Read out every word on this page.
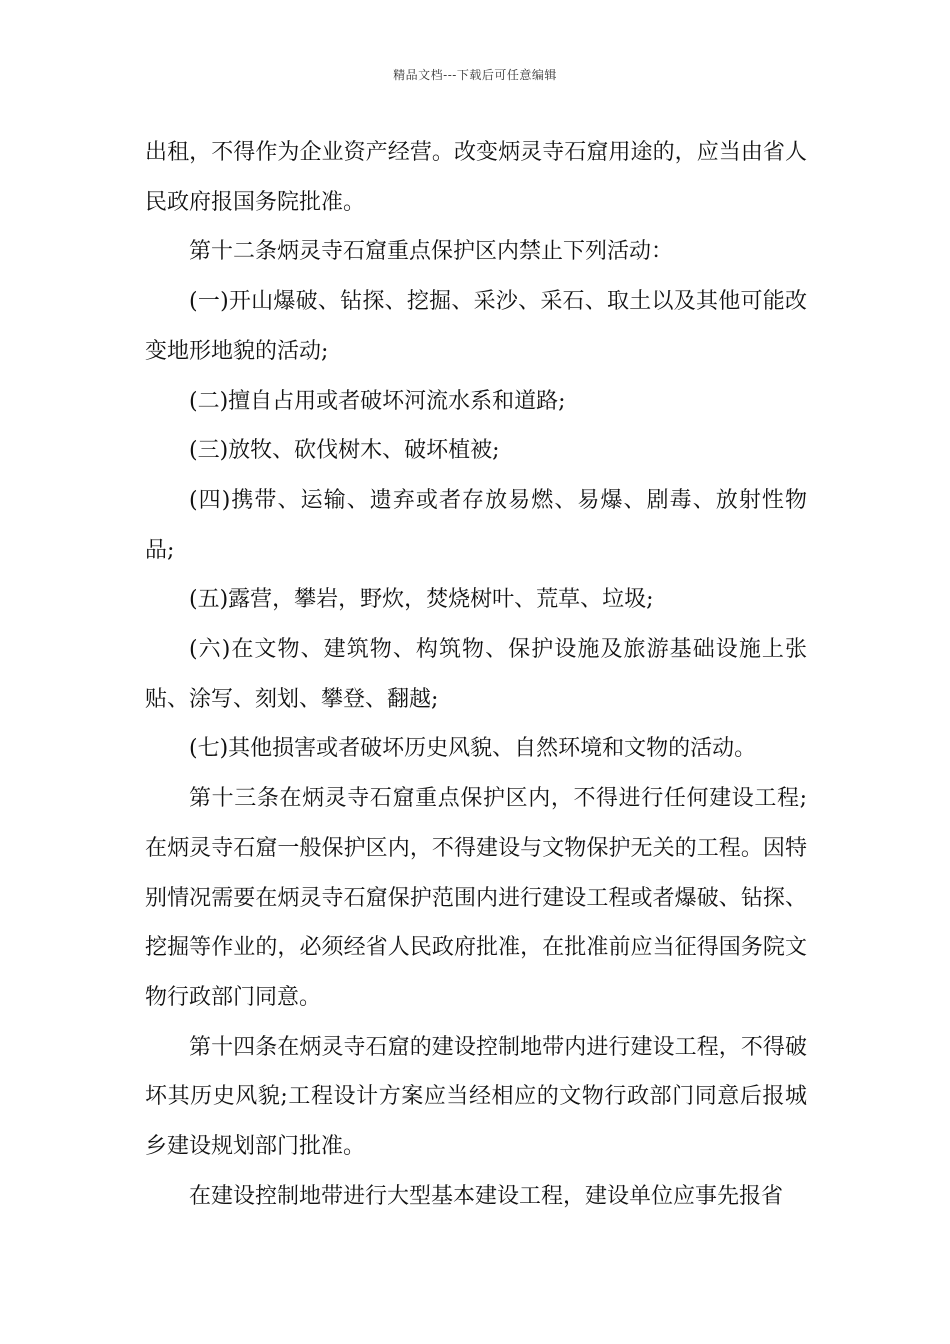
精品文档---下载后可任意编辑

出租，不得作为企业资产经营。改变炳灵寺石窟用途的，应当由省人民政府报国务院批准。

第十二条炳灵寺石窟重点保护区内禁止下列活动：

(一)开山爆破、钻探、挖掘、采沙、采石、取土以及其他可能改变地形地貌的活动;

(二)擅自占用或者破坏河流水系和道路;

(三)放牧、砍伐树木、破坏植被;

(四)携带、运输、遗弃或者存放易燃、易爆、剧毒、放射性物品;

(五)露营，攀岩，野炊，焚烧树叶、荒草、垃圾;

(六)在文物、建筑物、构筑物、保护设施及旅游基础设施上张贴、涂写、刻划、攀登、翻越;

(七)其他损害或者破坏历史风貌、自然环境和文物的活动。

第十三条在炳灵寺石窟重点保护区内，不得进行任何建设工程;在炳灵寺石窟一般保护区内，不得建设与文物保护无关的工程。因特别情况需要在炳灵寺石窟保护范围内进行建设工程或者爆破、钻探、挖掘等作业的，必须经省人民政府批准，在批准前应当征得国务院文物行政部门同意。

第十四条在炳灵寺石窟的建设控制地带内进行建设工程，不得破坏其历史风貌;工程设计方案应当经相应的文物行政部门同意后报城乡建设规划部门批准。

在建设控制地带进行大型基本建设工程，建设单位应事先报省
